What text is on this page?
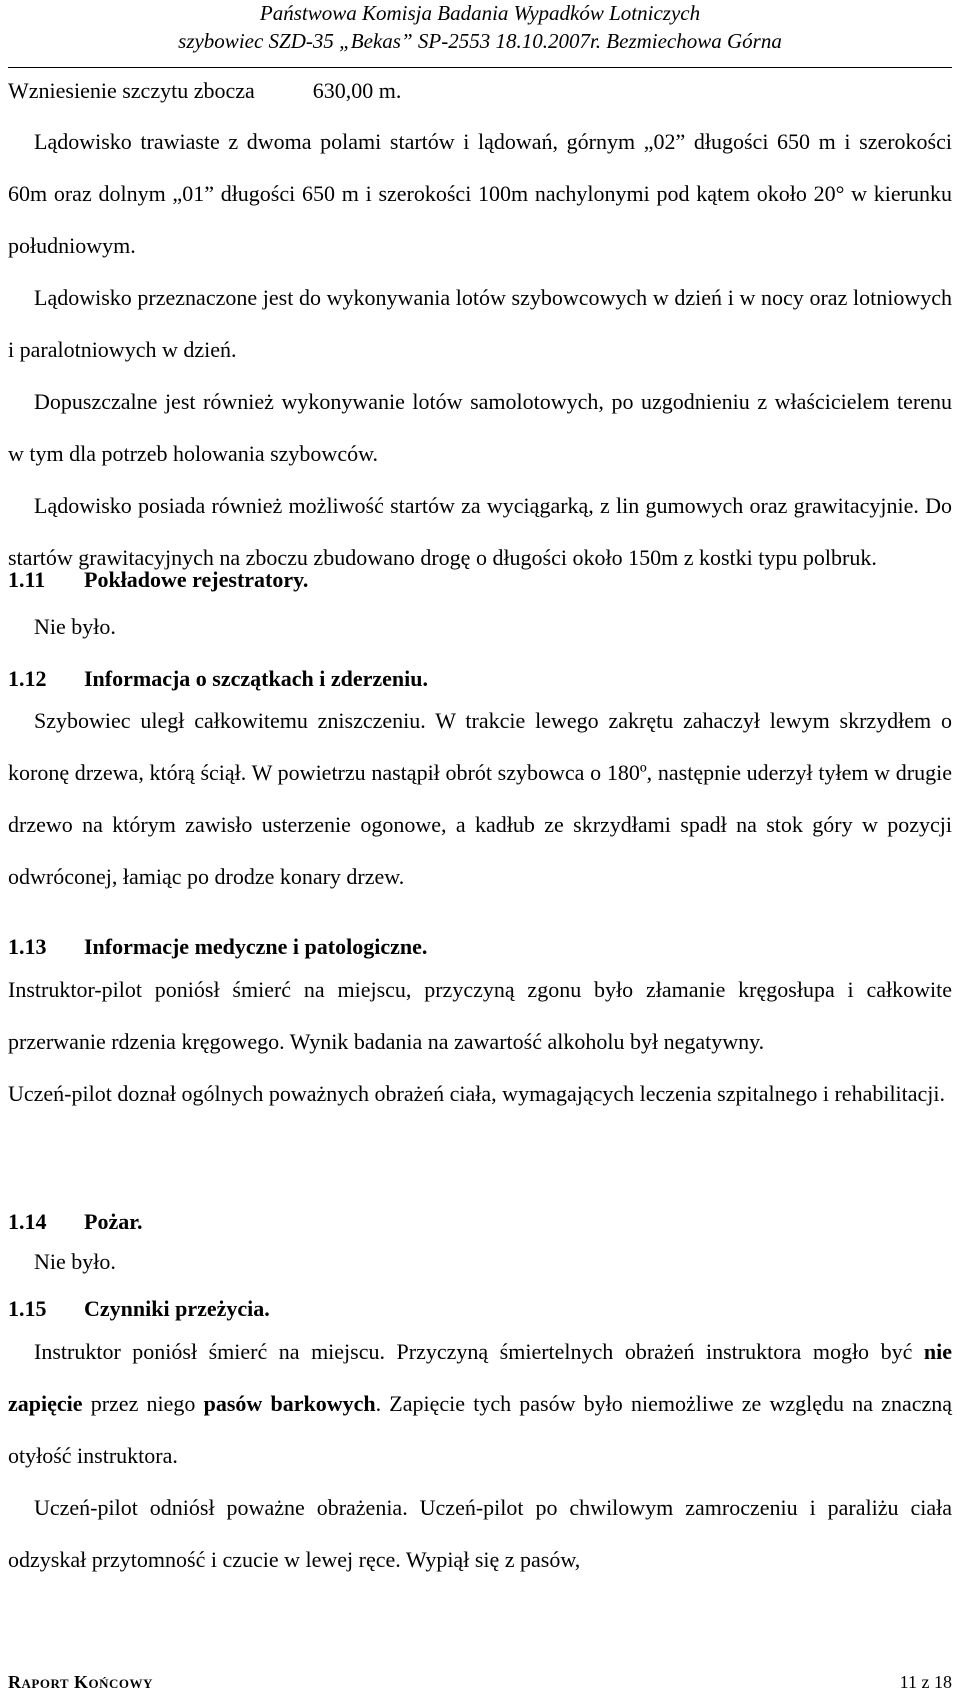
Państwowa Komisja Badania Wypadków Lotniczych
szybowiec SZD-35 „Bekas” SP-2553 18.10.2007r. Bezmiechowa Górna
Wzniesienie szczytu zbocza	630,00 m.

Lądowisko trawiaste z dwoma polami startów i lądowań, górnym „02” długości 650 m i szerokości 60m oraz dolnym „01” długości 650 m i szerokości 100m nachylonymi pod kątem około 20° w kierunku południowym.

Lądowisko przeznaczone jest do wykonywania lotów szybowcowych w dzień i w nocy oraz lotniowych i paralotniowych w dzień.

Dopuszczalne jest również wykonywanie lotów samolotowych, po uzgodnieniu z właścicielem terenu w tym dla potrzeb holowania szybowców.

Lądowisko posiada również możliwość startów za wyciągarką, z lin gumowych oraz grawitacyjnie. Do startów grawitacyjnych na zboczu zbudowano drogę o długości około 150m z kostki typu polbruk.

1.11 Pokładowe rejestratory.
Nie było.
1.12 Informacja o szczątkach i zderzeniu.

Szybowiec uległ całkowitemu zniszczeniu. W trakcie lewego zakrętu zahaczył lewym skrzydłem o koronę drzewa, którą ściął. W powietrzu nastąpił obrót szybowca o 180º, następnie uderzył tyłem w drugie drzewo na którym zawisło usterzenie ogonowe, a kadłub ze skrzydłami spadł na stok góry w pozycji odwróconej, łamiąc po drodze konary drzew.

1.13 Informacje medyczne i patologiczne.

Instruktor-pilot poniósł śmierć na miejscu, przyczyną zgonu było złamanie kręgosłupa i całkowite przerwanie rdzenia kręgowego. Wynik badania na zawartość alkoholu był negatywny.

Uczeń-pilot doznał ogólnych poważnych obrażeń ciała, wymagających leczenia szpitalnego i rehabilitacji.

1.14 Pożar.
Nie było.
1.15 Czynniki przeżycia.

Instruktor poniósł śmierć na miejscu. Przyczyną śmiertelnych obrażeń instruktora mogło być nie zapięcie przez niego pasów barkowych. Zapięcie tych pasów było niemożliwe ze względu na znaczną otyłość instruktora.

Uczeń-pilot odniósł poważne obrażenia. Uczeń-pilot po chwilowym zamroczeniu i paraliżu ciała odzyskał przytomność i czucie w lewej ręce. Wypiął się z pasów,

Raport Końcowy	11 z 18
